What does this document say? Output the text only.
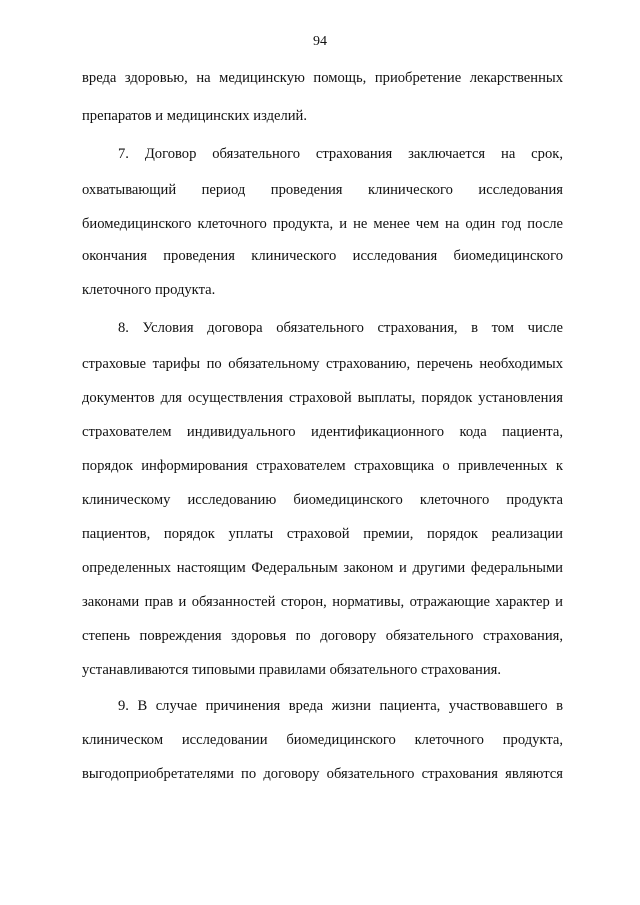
94
вреда здоровью, на медицинскую помощь, приобретение лекарственных
препаратов и медицинских изделий.
7. Договор обязательного страхования заключается на срок,
охватывающий период проведения клинического исследования
биомедицинского клеточного продукта, и не менее чем на один год после
окончания проведения клинического исследования биомедицинского
клеточного продукта.
8. Условия договора обязательного страхования, в том числе
страховые тарифы по обязательному страхованию, перечень необходимых
документов для осуществления страховой выплаты, порядок установления
страхователем индивидуального идентификационного кода пациента,
порядок информирования страхователем страховщика о привлеченных к
клиническому исследованию биомедицинского клеточного продукта
пациентов, порядок уплаты страховой премии, порядок реализации
определенных настоящим Федеральным законом и другими федеральными
законами прав и обязанностей сторон, нормативы, отражающие характер и
степень повреждения здоровья по договору обязательного страхования,
устанавливаются типовыми правилами обязательного страхования.
9. В случае причинения вреда жизни пациента, участвовавшего в
клиническом исследовании биомедицинского клеточного продукта,
выгодоприобретателями по договору обязательного страхования являются
